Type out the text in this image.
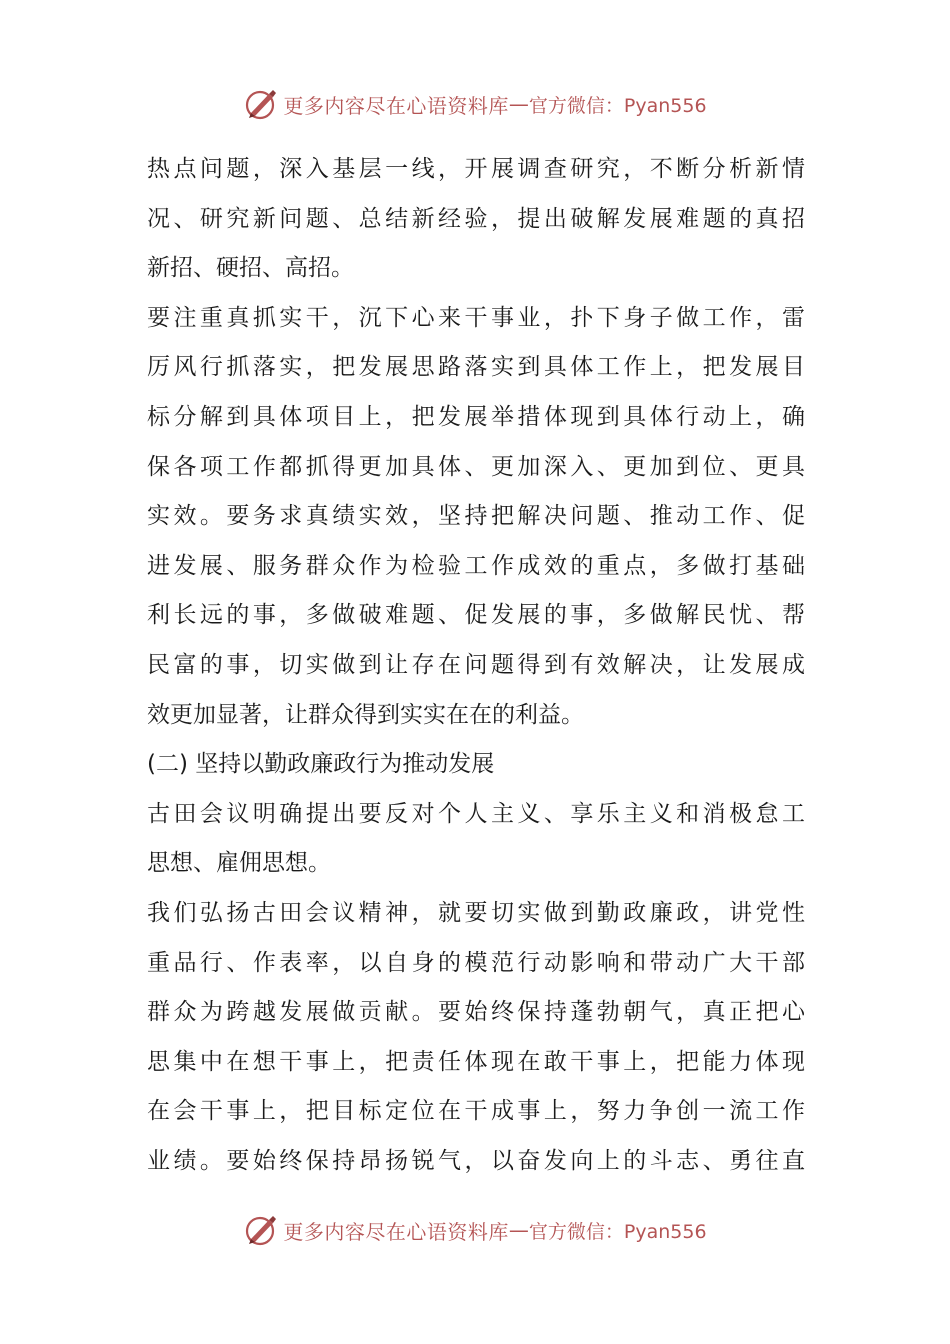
更多内容尽在心语资料库 — 官方微信：Pyan556
热点问题，深入基层一线，开展调查研究，不断分析新情
况、研究新问题、总结新经验，提出破解发展难题的真招
新招、硬招、高招。
要注重真抓实干，沉下心来干事业，扑下身子做工作，雷
厉风行抓落实，把发展思路落实到具体工作上，把发展目
标分解到具体项目上，把发展举措体现到具体行动上，确
保各项工作都抓得更加具体、更加深入、更加到位、更具
实效。要务求真绩实效，坚持把解决问题、推动工作、促
进发展、服务群众作为检验工作成效的重点，多做打基础
利长远的事，多做破难题、促发展的事，多做解民忧、帮
民富的事，切实做到让存在问题得到有效解决，让发展成
效更加显著，让群众得到实实在在的利益。
(二) 坚持以勤政廉政行为推动发展
古田会议明确提出要反对个人主义、享乐主义和消极怠工
思想、雇佣思想。
我们弘扬古田会议精神，就要切实做到勤政廉政，讲党性
重品行、作表率，以自身的模范行动影响和带动广大干部
群众为跨越发展做贡献。要始终保持蓬勃朝气，真正把心
思集中在想干事上，把责任体现在敢干事上，把能力体现
在会干事上，把目标定位在干成事上，努力争创一流工作
业绩。要始终保持昂扬锐气，以奋发向上的斗志、勇往直
更多内容尽在心语资料库 — 官方微信：Pyan556
